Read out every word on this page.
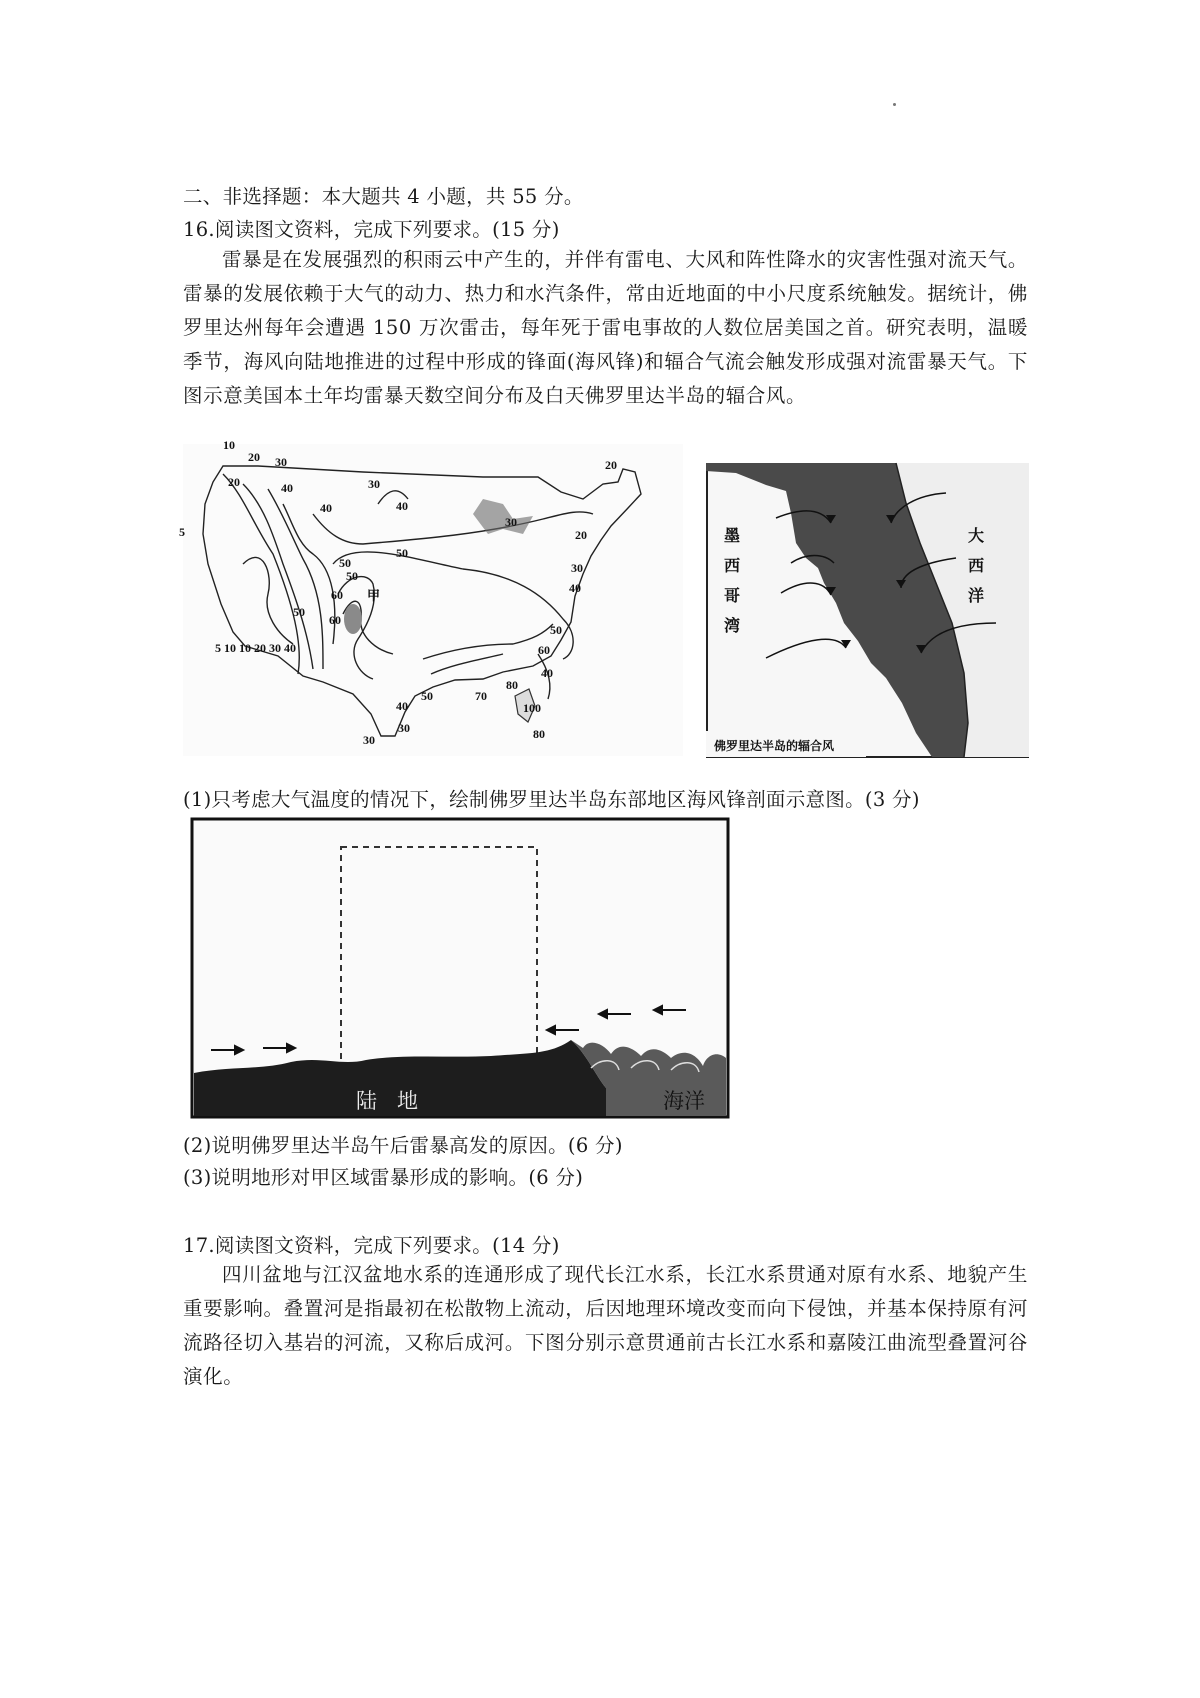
二、非选择题：本大题共 4 小题，共 55 分。
16.阅读图文资料，完成下列要求。(15 分)
雷暴是在发展强烈的积雨云中产生的，并伴有雷电、大风和阵性降水的灾害性强对流天气。雷暴的发展依赖于大气的动力、热力和水汽条件，常由近地面的中小尺度系统触发。据统计，佛罗里达州每年会遭遇 150 万次雷击，每年死于雷电事故的人数位居美国之首。研究表明，温暖季节，海风向陆地推进的过程中形成的锋面(海风锋)和辐合气流会触发形成强对流雷暴天气。下图示意美国本土年均雷暴天数空间分布及白天佛罗里达半岛的辐合风。
10
20 30
30
20
20	40
40	40
5
50
50
50
30
20
30
40
50
60
甲
60
5 10 10 20 30 40
50
40
60
70
80
100
80
50
40
30
30
墨
西
哥
湾
大
西
洋
佛罗里达半岛的辐合风
(1)只考虑大气温度的情况下，绘制佛罗里达半岛东部地区海风锋剖面示意图。(3 分)
陆   地	海洋
(2)说明佛罗里达半岛午后雷暴高发的原因。(6 分)
(3)说明地形对甲区域雷暴形成的影响。(6 分)
17.阅读图文资料，完成下列要求。(14 分)
四川盆地与江汉盆地水系的连通形成了现代长江水系，长江水系贯通对原有水系、地貌产生重要影响。叠置河是指最初在松散物上流动，后因地理环境改变而向下侵蚀，并基本保持原有河流路径切入基岩的河流，又称后成河。下图分别示意贯通前古长江水系和嘉陵江曲流型叠置河谷演化。
